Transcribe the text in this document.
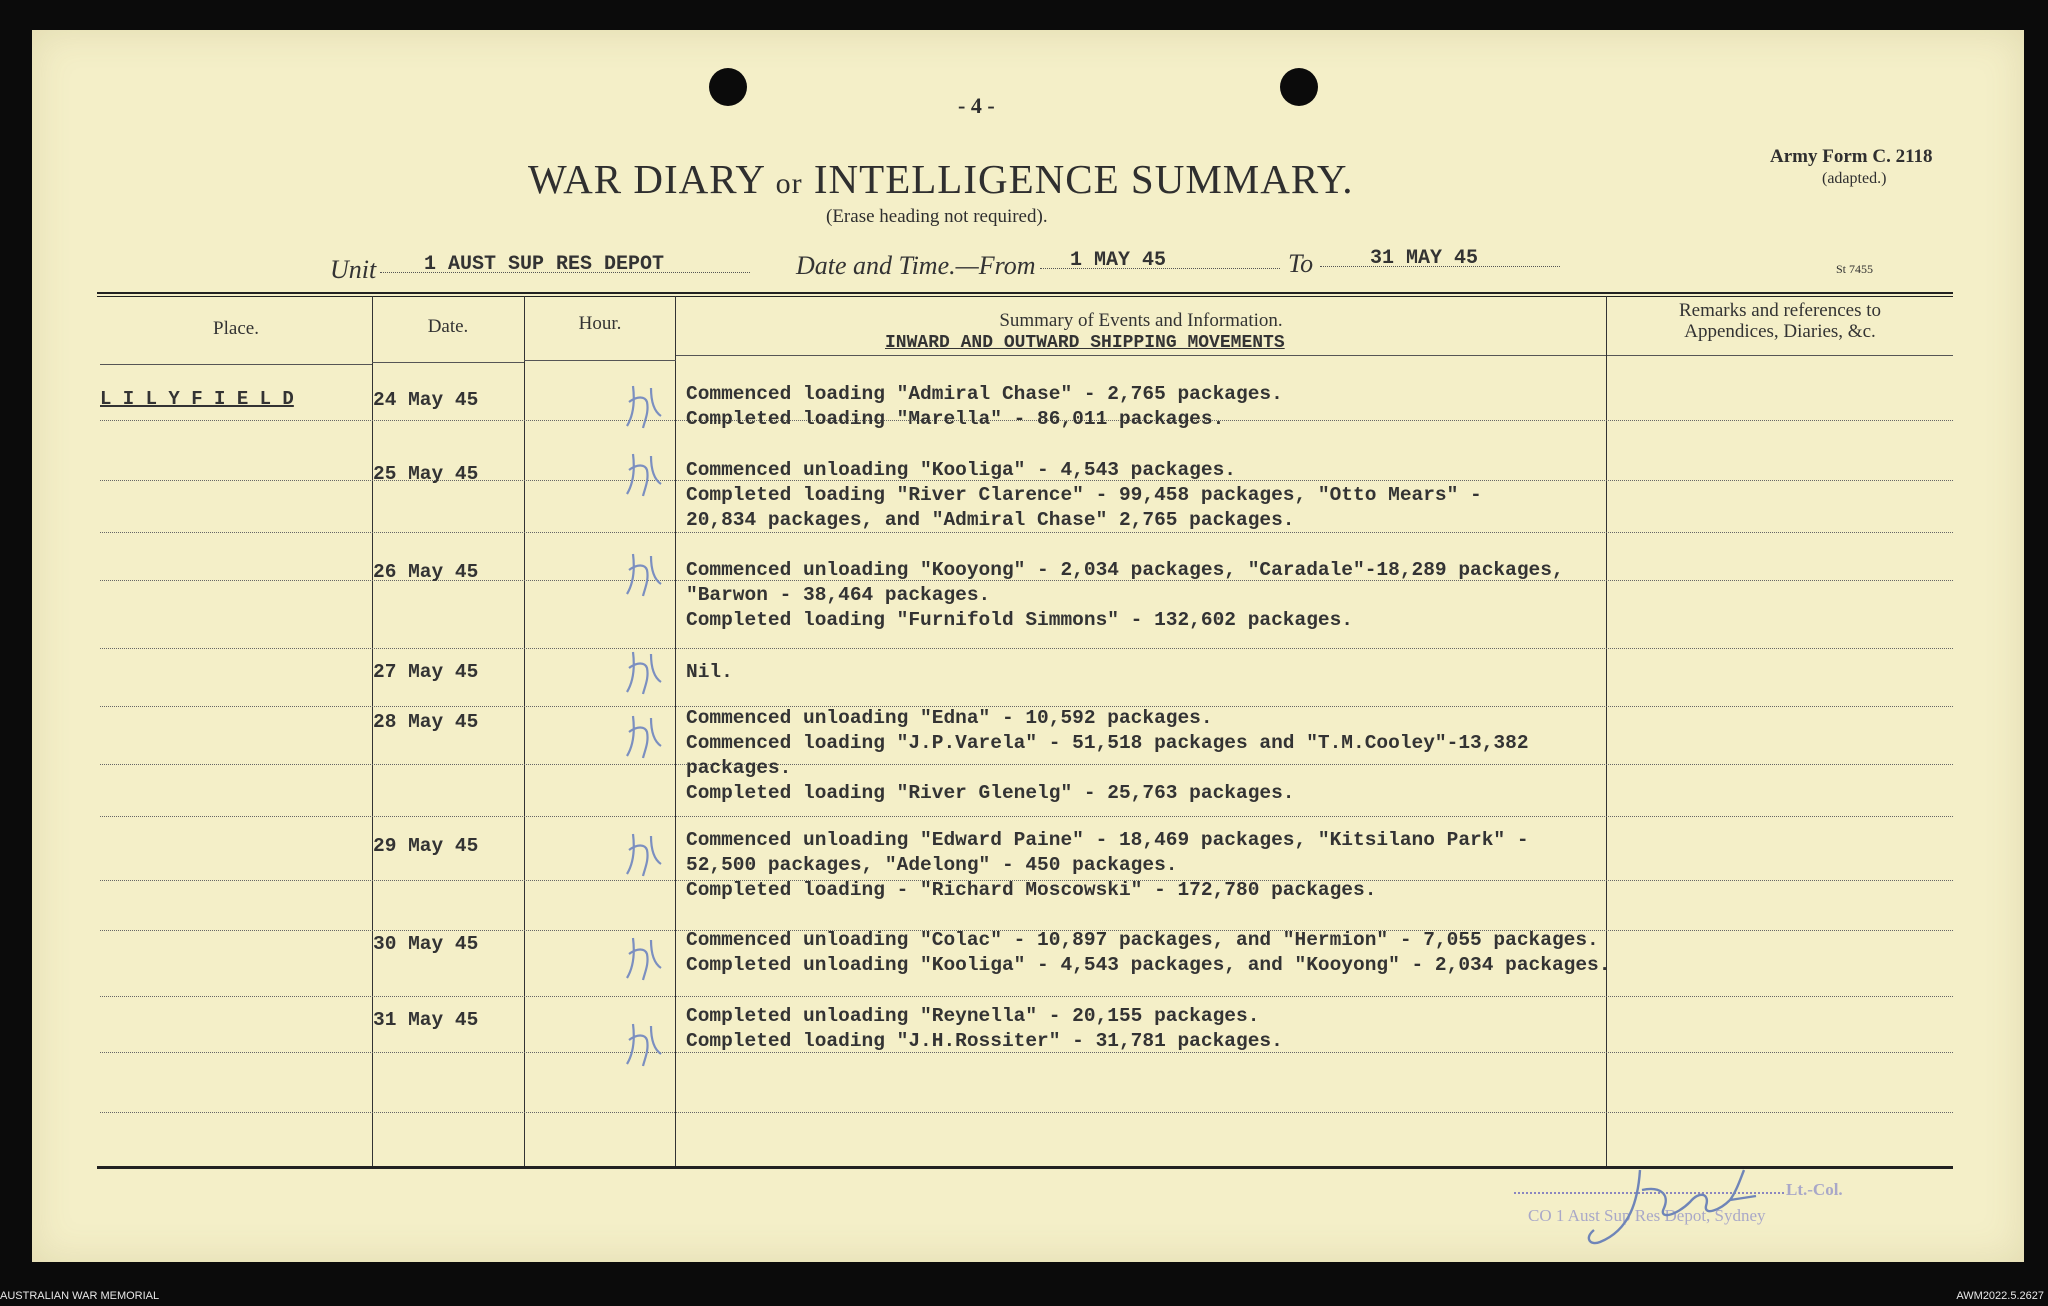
- 4 -
WAR DIARY or INTELLIGENCE SUMMARY.
(Erase heading not required).
Army Form C. 2118
(adapted.)
St 7455
Unit 1 AUST SUP RES DEPOT	Date and Time.—From 1 MAY 45	To	31 MAY 45
Place.	Date.	Hour.	Summary of Events and Information.
INWARD AND OUTWARD SHIPPING MOVEMENTS
Remarks and references to
Appendices, Diaries, &c.
L I L Y F I E L D	24 May 45	Commenced loading "Admiral Chase" - 2,765 packages.
Completed loading "Marella" - 86,011 packages.
25 May 45	Commenced unloading "Kooliga" - 4,543 packages.
Completed loading "River Clarence" - 99,458 packages, "Otto Mears" -
20,834 packages, and "Admiral Chase" 2,765 packages.
26 May 45	Commenced unloading "Kooyong" - 2,034 packages, "Caradale"-18,289 packages,
"Barwon - 38,464 packages.
Completed loading "Furnifold Simmons" - 132,602 packages.
27 May 45	Nil.
28 May 45	Commenced unloading "Edna" - 10,592 packages.
Commenced loading "J.P.Varela" - 51,518 packages and "T.M.Cooley"-13,382
packages.
Completed loading "River Glenelg" - 25,763 packages.
29 May 45	Commenced unloading "Edward Paine" - 18,469 packages, "Kitsilano Park" -
52,500 packages, "Adelong" - 450 packages.
Completed loading - "Richard Moscowski" - 172,780 packages.
30 May 45	Commenced unloading "Colac" - 10,897 packages, and "Hermion" - 7,055 packages.
Completed unloading "Kooliga" - 4,543 packages, and "Kooyong" - 2,034 packages.
31 May 45	Completed unloading "Reynella" - 20,155 packages.
Completed loading "J.H.Rossiter" - 31,781 packages.
Lt.-Col.
CO 1 Aust Sup Res Depot, Sydney
AUSTRALIAN WAR MEMORIAL	AWM2022.5.2627
